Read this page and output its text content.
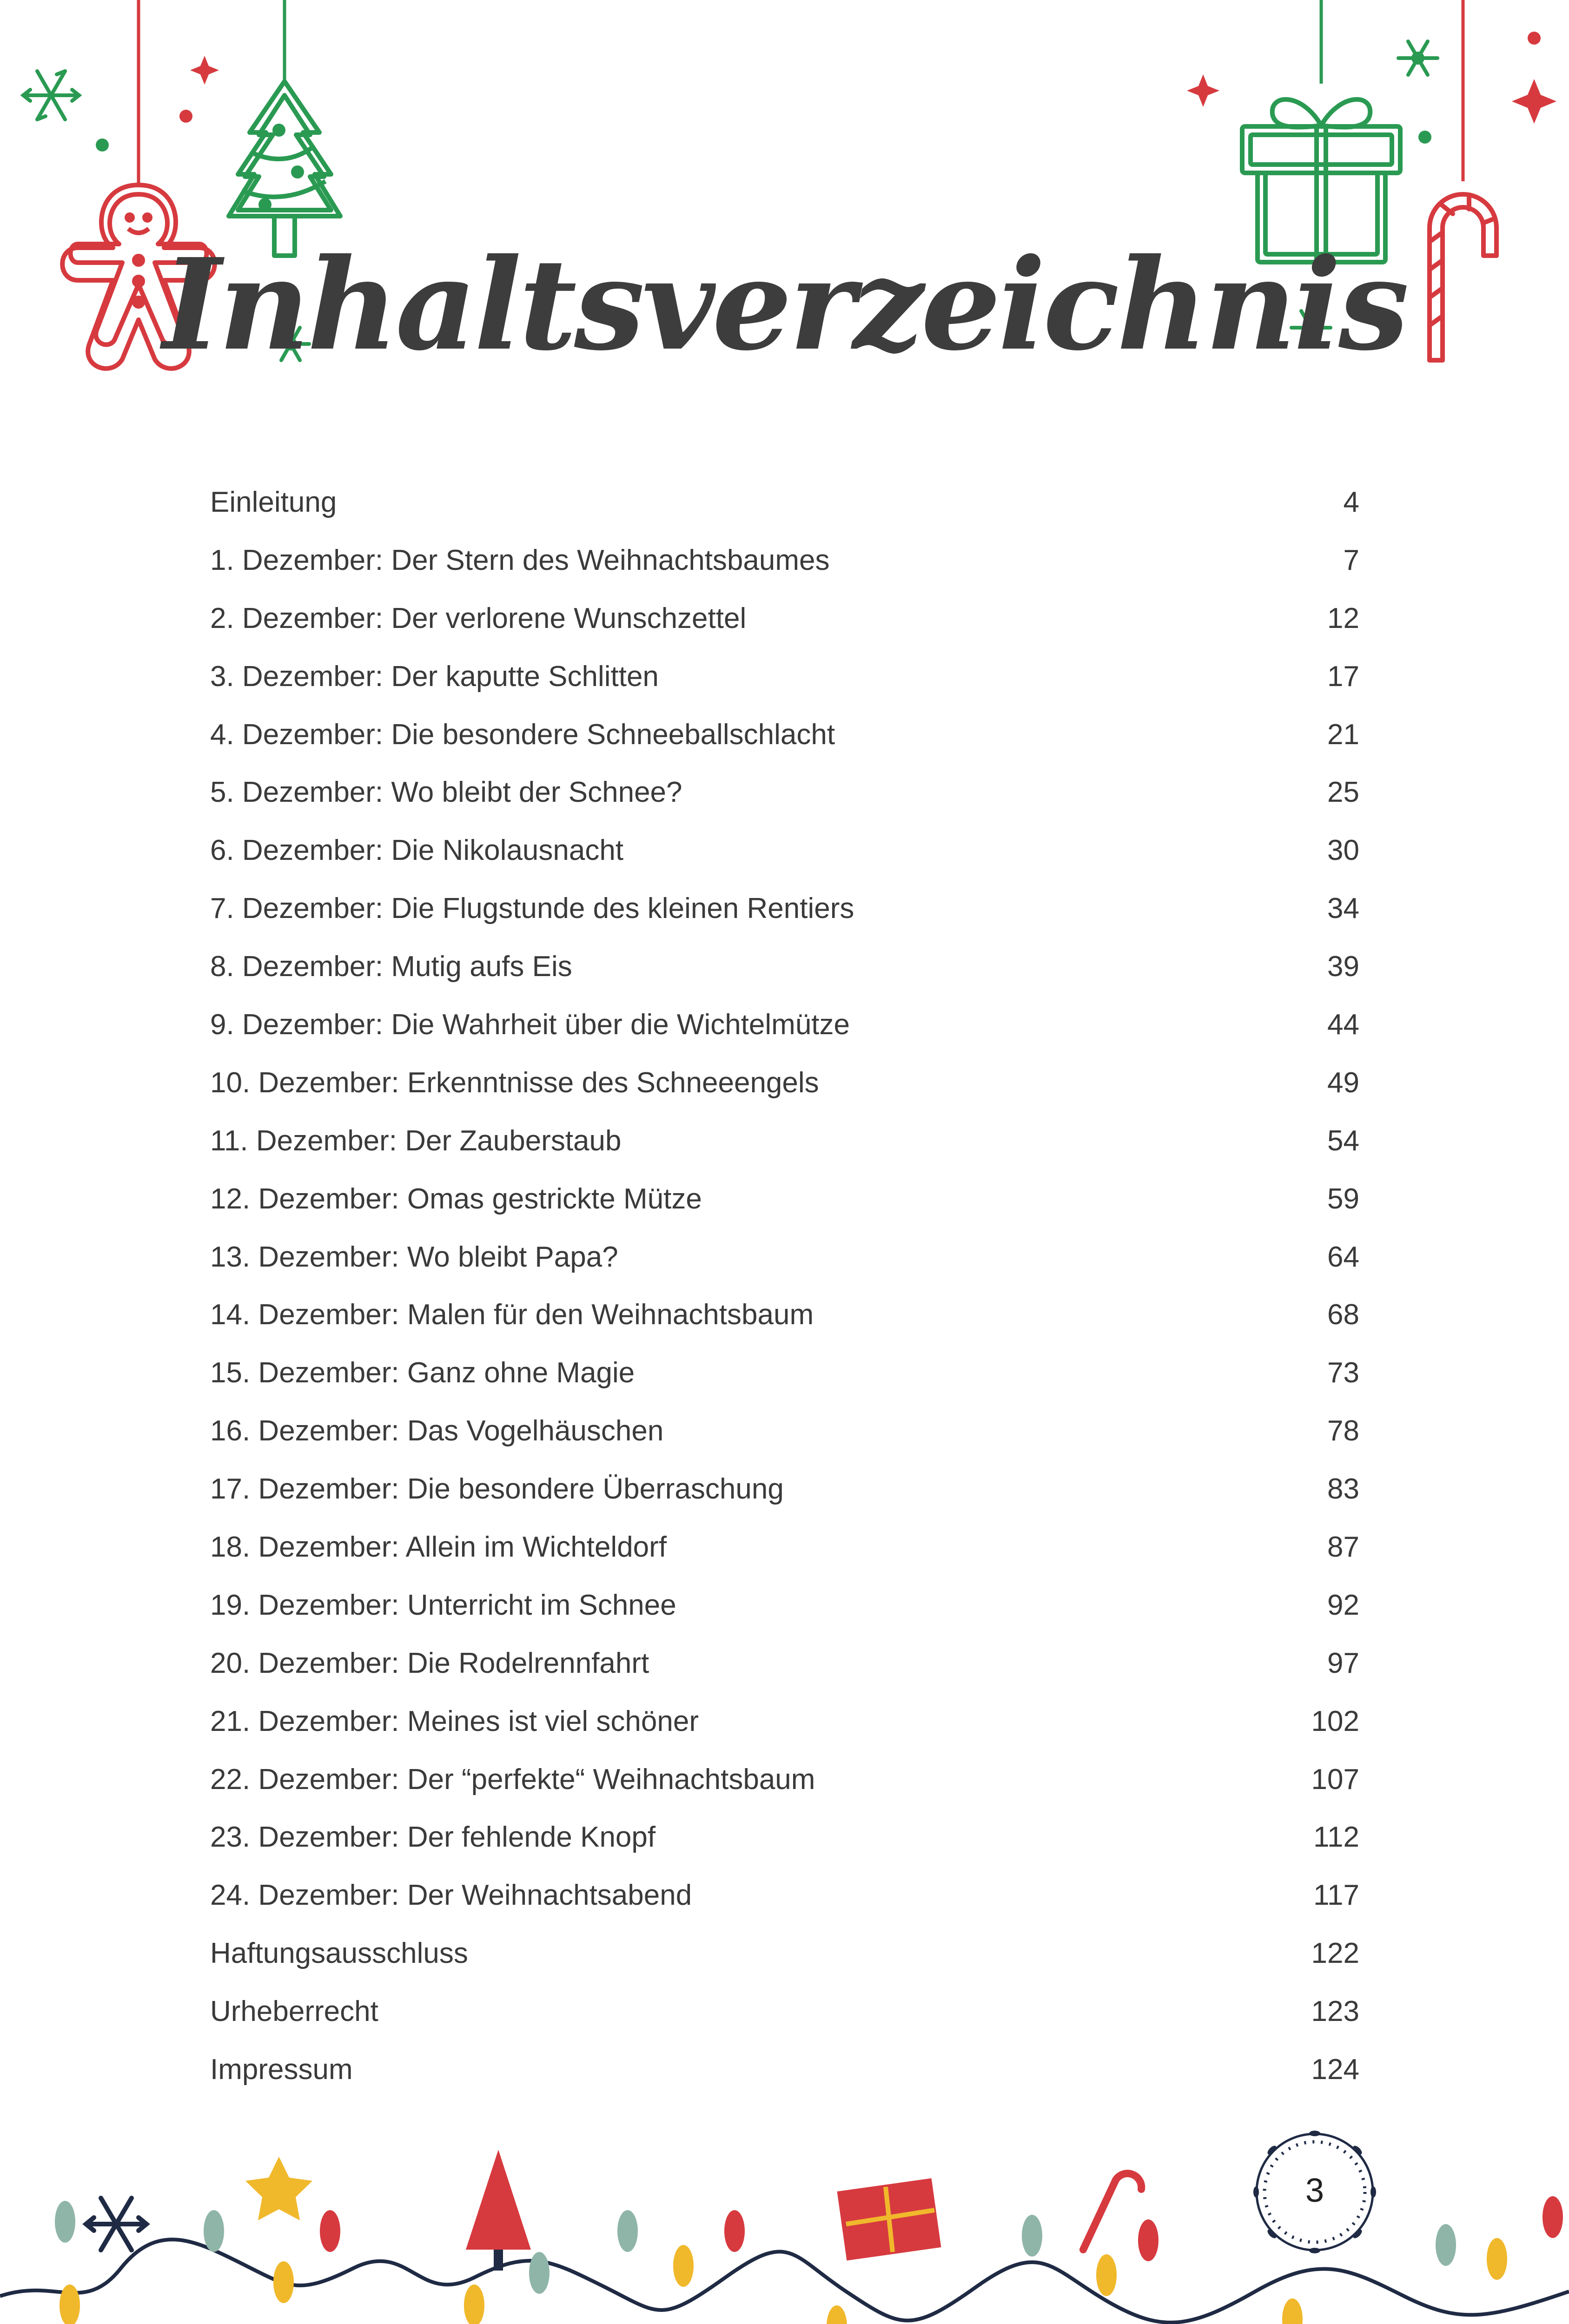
Inhaltsverzeichnis
Einleitung	4
1. Dezember: Der Stern des Weihnachtsbaumes	7
2. Dezember: Der verlorene Wunschzettel	12
3. Dezember: Der kaputte Schlitten	17
4. Dezember: Die besondere Schneeballschlacht	21
5. Dezember: Wo bleibt der Schnee?	25
6. Dezember: Die Nikolausnacht	30
7. Dezember: Die Flugstunde des kleinen Rentiers	34
8. Dezember: Mutig aufs Eis	39
9. Dezember: Die Wahrheit über die Wichtelmütze	44
10. Dezember: Erkenntnisse des Schneeengels	49
11. Dezember: Der Zauberstaub	54
12. Dezember: Omas gestrickte Mütze	59
13. Dezember: Wo bleibt Papa?	64
14. Dezember: Malen für den Weihnachtsbaum	68
15. Dezember: Ganz ohne Magie	73
16. Dezember: Das Vogelhäuschen	78
17. Dezember: Die besondere Überraschung	83
18. Dezember: Allein im Wichteldorf	87
19. Dezember: Unterricht im Schnee	92
20. Dezember: Die Rodelrennfahrt	97
21. Dezember: Meines ist viel schöner	102
22. Dezember: Der “perfekte“ Weihnachtsbaum	107
23. Dezember: Der fehlende Knopf	112
24. Dezember: Der Weihnachtsabend	117
Haftungsausschluss	122
Urheberrecht	123
Impressum	124
3
